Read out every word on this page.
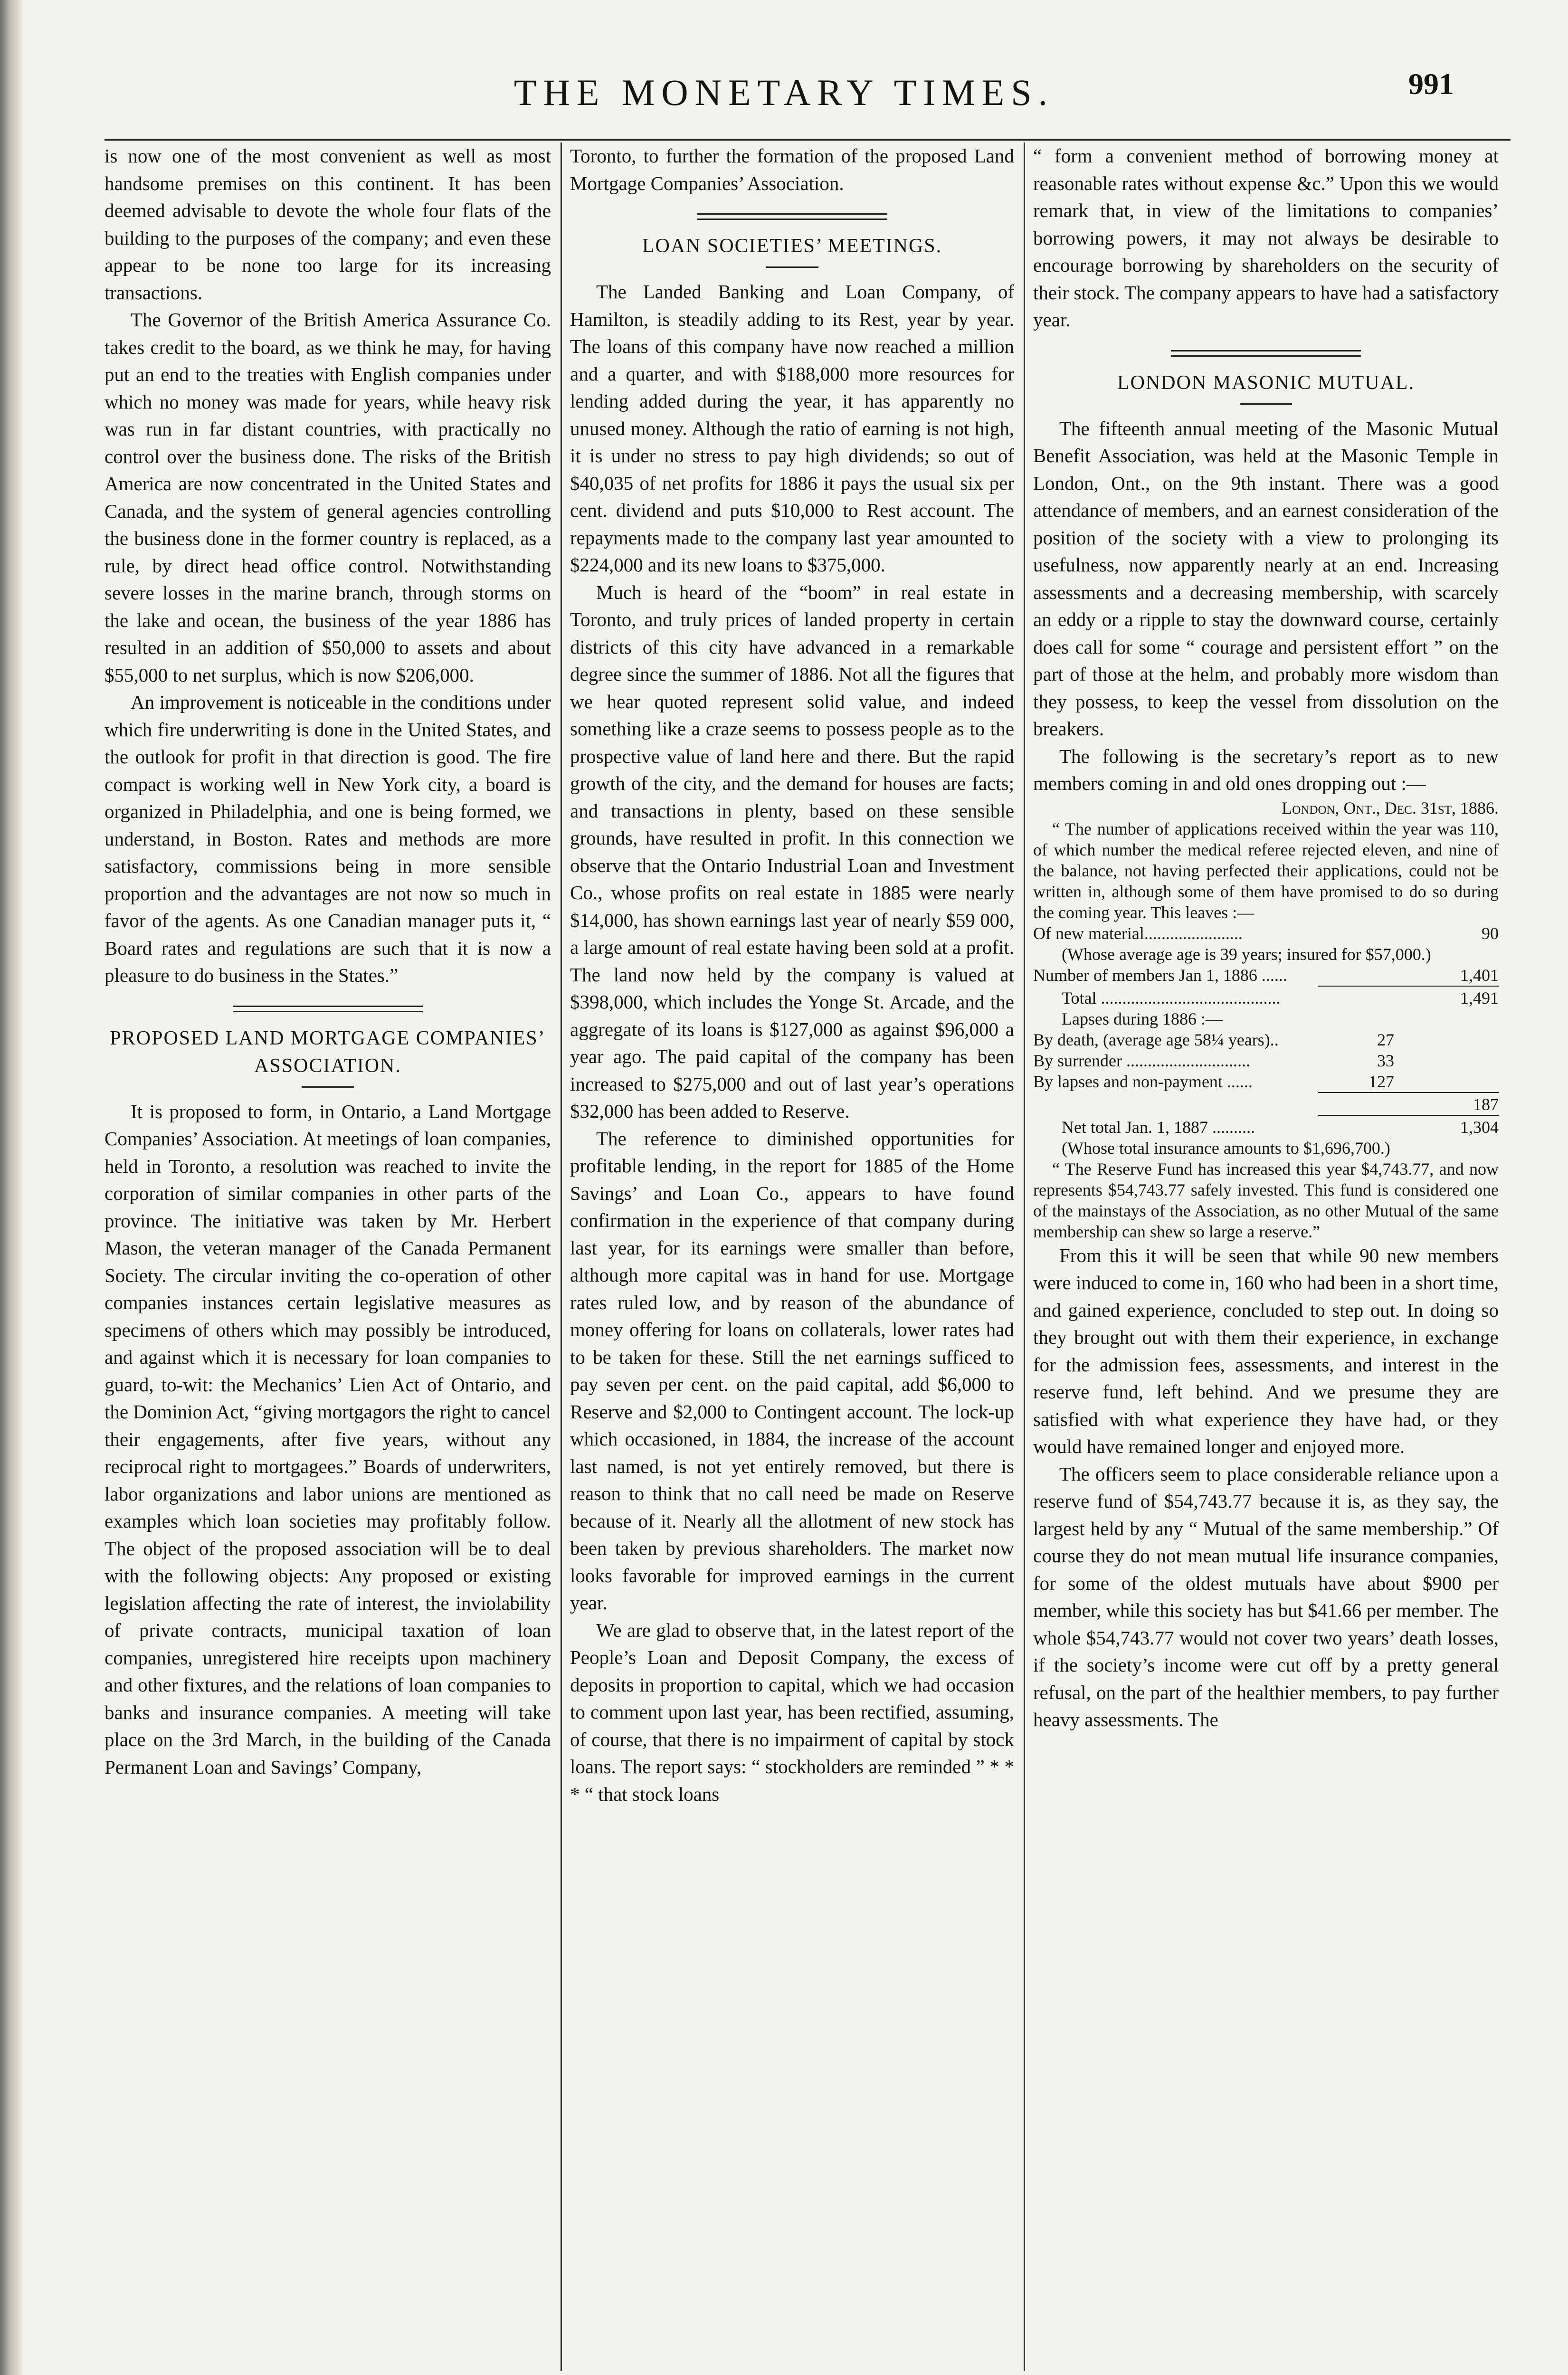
THE MONETARY TIMES.	991

is now one of the most convenient as well as most handsome premises on this continent. It has been deemed advisable to devote the whole four flats of the building to the purposes of the company; and even these appear to be none too large for its increasing transactions.

The Governor of the British America Assurance Co. takes credit to the board, as we think he may, for having put an end to the treaties with English companies under which no money was made for years, while heavy risk was run in far distant countries, with practically no control over the business done. The risks of the British America are now concentrated in the United States and Canada, and the system of general agencies controlling the business done in the former country is replaced, as a rule, by direct head office control. Notwithstanding severe losses in the marine branch, through storms on the lake and ocean, the business of the year 1886 has resulted in an addition of $50,000 to assets and about $55,000 to net surplus, which is now $206,000.

An improvement is noticeable in the conditions under which fire underwriting is done in the United States, and the outlook for profit in that direction is good. The fire compact is working well in New York city, a board is organized in Philadelphia, and one is being formed, we understand, in Boston. Rates and methods are more satisfactory, commissions being in more sensible proportion and the advantages are not now so much in favor of the agents. As one Canadian manager puts it, “ Board rates and regulations are such that it is now a pleasure to do business in the States.”

PROPOSED LAND MORTGAGE COMPANIES’ ASSOCIATION.

It is proposed to form, in Ontario, a Land Mortgage Companies’ Association. At meetings of loan companies, held in Toronto, a resolution was reached to invite the corporation of similar companies in other parts of the province. The initiative was taken by Mr. Herbert Mason, the veteran manager of the Canada Permanent Society. The circular inviting the co-operation of other companies instances certain legislative measures as specimens of others which may possibly be introduced, and against which it is necessary for loan companies to guard, to-wit: the Mechanics’ Lien Act of Ontario, and the Dominion Act, “giving mortgagors the right to cancel their engagements, after five years, without any reciprocal right to mortgagees.” Boards of underwriters, labor organizations and labor unions are mentioned as examples which loan societies may profitably follow. The object of the proposed association will be to deal with the following objects: Any proposed or existing legislation affecting the rate of interest, the inviolability of private contracts, municipal taxation of loan companies, unregistered hire receipts upon machinery and other fixtures, and the relations of loan companies to banks and insurance companies. A meeting will take place on the 3rd March, in the building of the Canada Permanent Loan and Savings’ Company,

Toronto, to further the formation of the proposed Land Mortgage Companies’ Association.

LOAN SOCIETIES’ MEETINGS.

The Landed Banking and Loan Company, of Hamilton, is steadily adding to its Rest, year by year. The loans of this company have now reached a million and a quarter, and with $188,000 more resources for lending added during the year, it has apparently no unused money. Although the ratio of earning is not high, it is under no stress to pay high dividends; so out of $40,035 of net profits for 1886 it pays the usual six per cent. dividend and puts $10,000 to Rest account. The repayments made to the company last year amounted to $224,000 and its new loans to $375,000.

Much is heard of the “boom” in real estate in Toronto, and truly prices of landed property in certain districts of this city have advanced in a remarkable degree since the summer of 1886. Not all the figures that we hear quoted represent solid value, and indeed something like a craze seems to possess people as to the prospective value of land here and there. But the rapid growth of the city, and the demand for houses are facts; and transactions in plenty, based on these sensible grounds, have resulted in profit. In this connection we observe that the Ontario Industrial Loan and Investment Co., whose profits on real estate in 1885 were nearly $14,000, has shown earnings last year of nearly $59 000, a large amount of real estate having been sold at a profit. The land now held by the company is valued at $398,000, which includes the Yonge St. Arcade, and the aggregate of its loans is $127,000 as against $96,000 a year ago. The paid capital of the company has been increased to $275,000 and out of last year’s operations $32,000 has been added to Reserve.

The reference to diminished opportunities for profitable lending, in the report for 1885 of the Home Savings’ and Loan Co., appears to have found confirmation in the experience of that company during last year, for its earnings were smaller than before, although more capital was in hand for use. Mortgage rates ruled low, and by reason of the abundance of money offering for loans on collaterals, lower rates had to be taken for these. Still the net earnings sufficed to pay seven per cent. on the paid capital, add $6,000 to Reserve and $2,000 to Contingent account. The lock-up which occasioned, in 1884, the increase of the account last named, is not yet entirely removed, but there is reason to think that no call need be made on Reserve because of it. Nearly all the allotment of new stock has been taken by previous shareholders. The market now looks favorable for improved earnings in the current year.

We are glad to observe that, in the latest report of the People’s Loan and Deposit Company, the excess of deposits in proportion to capital, which we had occasion to comment upon last year, has been rectified, assuming, of course, that there is no impairment of capital by stock loans. The report says: “ stockholders are reminded ” * * * “ that stock loans

“ form a convenient method of borrowing money at reasonable rates without expense &c.” Upon this we would remark that, in view of the limitations to companies’ borrowing powers, it may not always be desirable to encourage borrowing by shareholders on the security of their stock. The company appears to have had a satisfactory year.

LONDON MASONIC MUTUAL.

The fifteenth annual meeting of the Masonic Mutual Benefit Association, was held at the Masonic Temple in London, Ont., on the 9th instant. There was a good attendance of members, and an earnest consideration of the position of the society with a view to prolonging its usefulness, now apparently nearly at an end. Increasing assessments and a decreasing membership, with scarcely an eddy or a ripple to stay the downward course, certainly does call for some “ courage and persistent effort ” on the part of those at the helm, and probably more wisdom than they possess, to keep the vessel from dissolution on the breakers.

The following is the secretary’s report as to new members coming in and old ones dropping out :—

London, Ont., Dec. 31st, 1886.

“ The number of applications received within the year was 110, of which number the medical referee rejected eleven, and nine of the balance, not having perfected their applications, could not be written in, although some of them have promised to do so during the coming year. This leaves :—

Of new material.......................	90
(Whose average age is 39 years; insured for $57,000.)
Number of members Jan 1, 1886 ......	1,401
Total ..........................................	1,491
Lapses during 1886 :—
By death, (average age 58¼ years)..	27
By surrender .............................	33
By lapses and non-payment ......	127
187
Net total Jan. 1, 1887 ..........	1,304
(Whose total insurance amounts to $1,696,700.)

“ The Reserve Fund has increased this year $4,743.77, and now represents $54,743.77 safely invested. This fund is considered one of the mainstays of the Association, as no other Mutual of the same membership can shew so large a reserve.”

From this it will be seen that while 90 new members were induced to come in, 160 who had been in a short time, and gained experience, concluded to step out. In doing so they brought out with them their experience, in exchange for the admission fees, assessments, and interest in the reserve fund, left behind. And we presume they are satisfied with what experience they have had, or they would have remained longer and enjoyed more.

The officers seem to place considerable reliance upon a reserve fund of $54,743.77 because it is, as they say, the largest held by any “ Mutual of the same membership.” Of course they do not mean mutual life insurance companies, for some of the oldest mutuals have about $900 per member, while this society has but $41.66 per member. The whole $54,743.77 would not cover two years’ death losses, if the society’s income were cut off by a pretty general refusal, on the part of the healthier members, to pay further heavy assessments. The
